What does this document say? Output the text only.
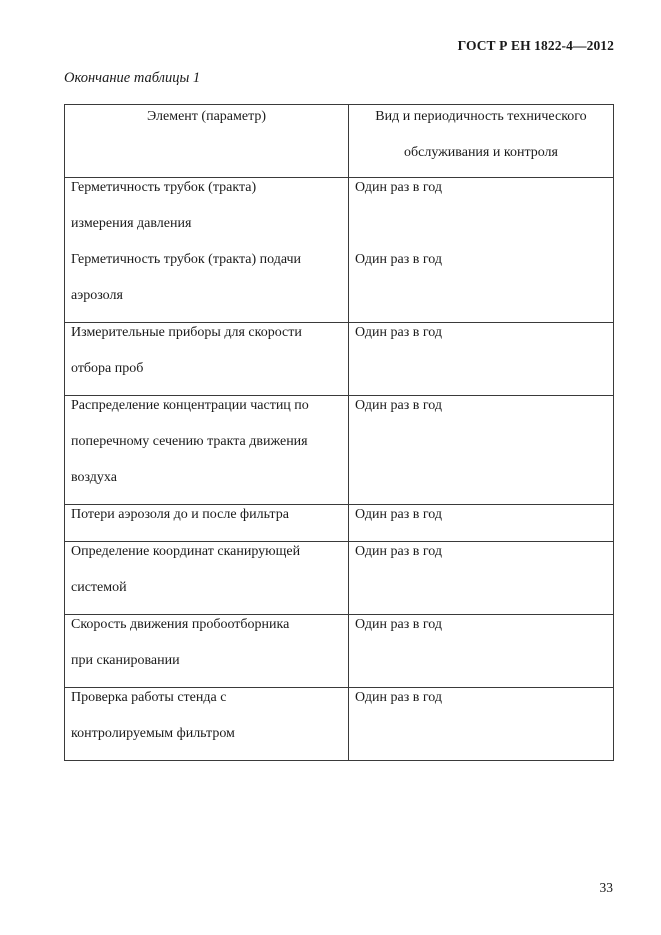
ГОСТ Р ЕН 1822-4—2012
Окончание таблицы 1
Элемент (параметр)	Вид и периодичность технического обслуживания и контроля

Герметичность трубок (тракта)
измерения давления	Один раз в год

Герметичность трубок (тракта) подачи
аэрозоля	Один раз в год

Измерительные приборы для скорости
отбора проб	Один раз в год

Распределение концентрации частиц по
поперечному сечению тракта движения
воздуха	Один раз в год

Потери аэрозоля до и после фильтра	Один раз в год

Определение координат сканирующей
системой	Один раз в год

Скорость движения пробоотборника
при сканировании	Один раз в год

Проверка работы стенда с
контролируемым фильтром	Один раз в год
33
